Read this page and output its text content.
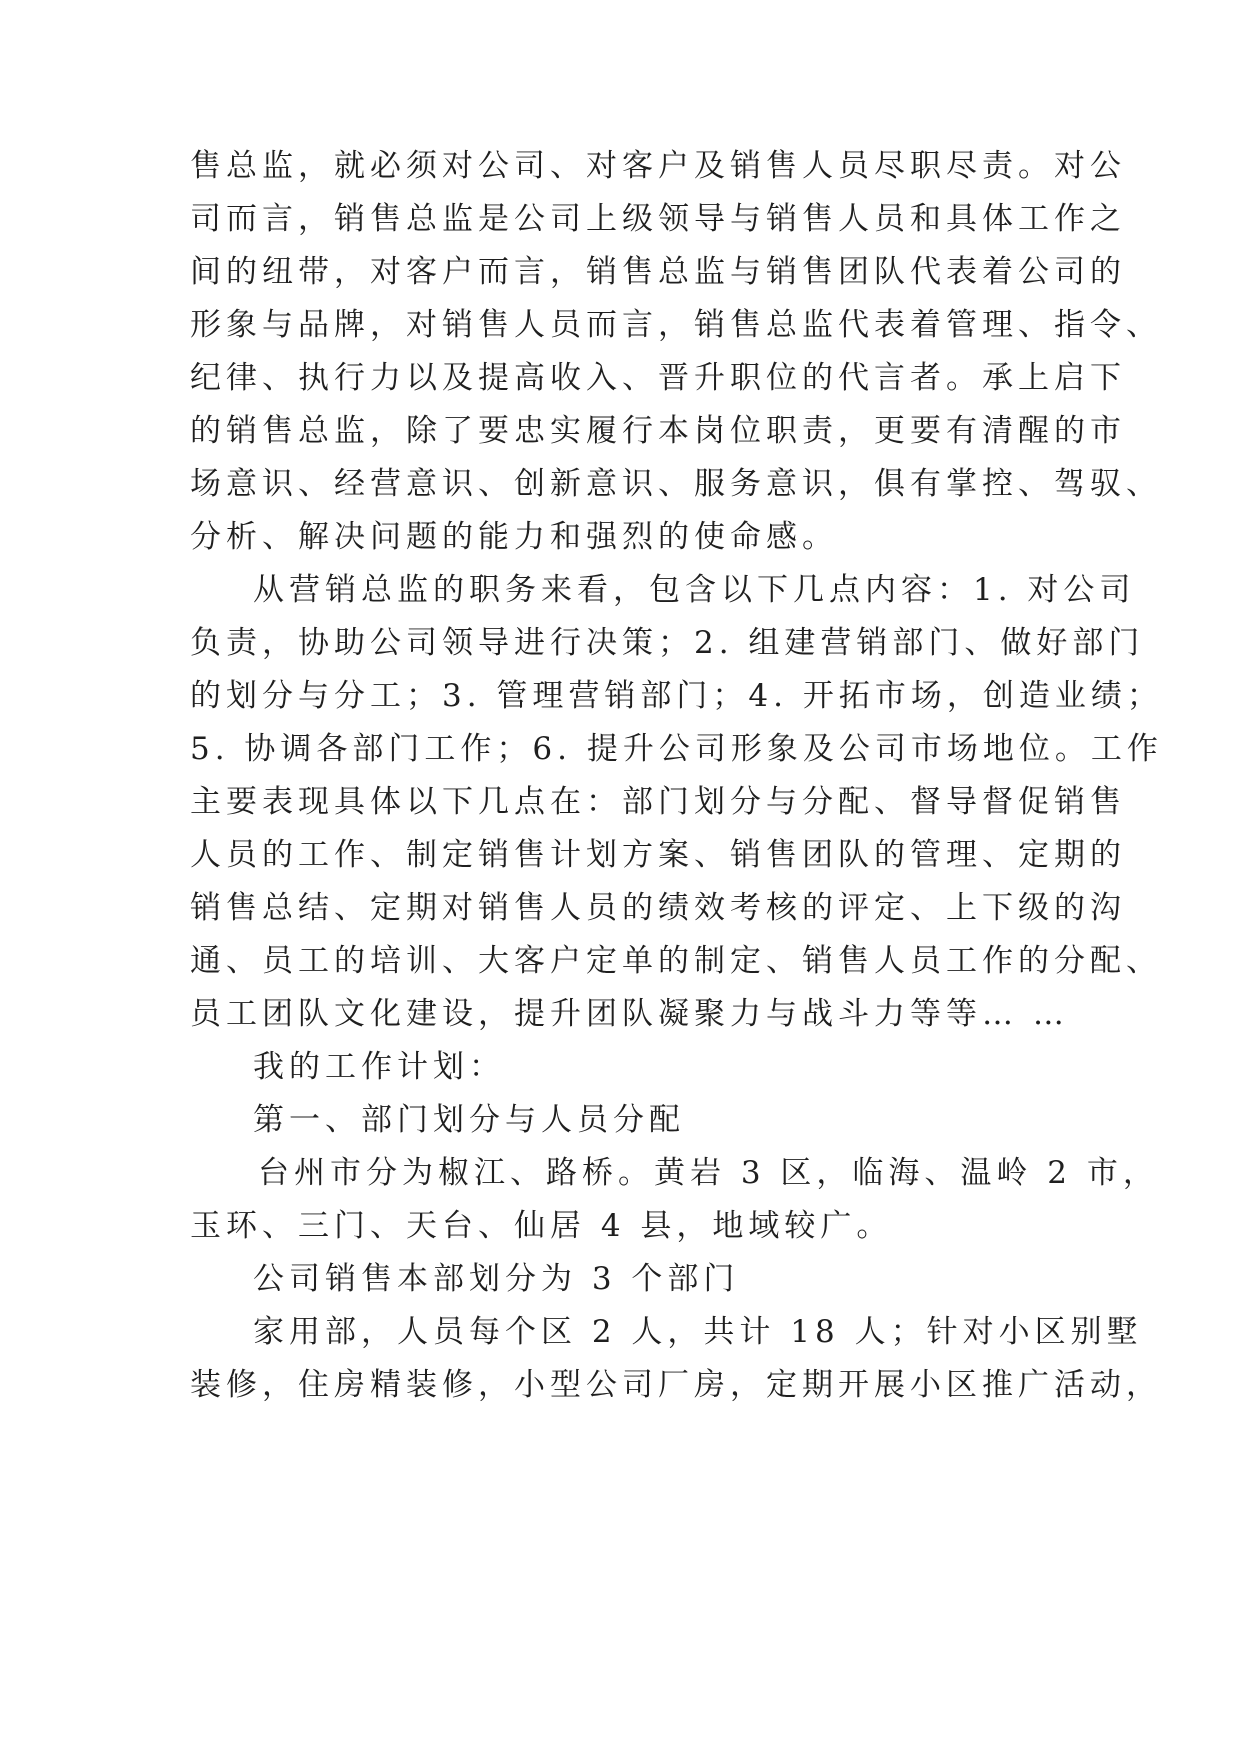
售总监，就必须对公司、对客户及销售人员尽职尽责。对公
司而言，销售总监是公司上级领导与销售人员和具体工作之
间的纽带，对客户而言，销售总监与销售团队代表着公司的
形象与品牌，对销售人员而言，销售总监代表着管理、指令、
纪律、执行力以及提高收入、晋升职位的代言者。承上启下
的销售总监，除了要忠实履行本岗位职责，更要有清醒的市
场意识、经营意识、创新意识、服务意识，俱有掌控、驾驭、
分析、解决问题的能力和强烈的使命感。
从营销总监的职务来看，包含以下几点内容：1. 对公司
负责，协助公司领导进行决策；2. 组建营销部门、做好部门
的划分与分工；3. 管理营销部门；4. 开拓市场，创造业绩；
5. 协调各部门工作；6. 提升公司形象及公司市场地位。工作
主要表现具体以下几点在：部门划分与分配、督导督促销售
人员的工作、制定销售计划方案、销售团队的管理、定期的
销售总结、定期对销售人员的绩效考核的评定、上下级的沟
通、员工的培训、大客户定单的制定、销售人员工作的分配、
员工团队文化建设，提升团队凝聚力与战斗力等等… …
我的工作计划：
第一、部门划分与人员分配
台州市分为椒江、路桥。黄岩 3 区，临海、温岭 2 市，
玉环、三门、天台、仙居 4 县，地域较广。
公司销售本部划分为 3 个部门
家用部，人员每个区 2 人，共计 18 人；针对小区别墅
装修，住房精装修，小型公司厂房，定期开展小区推广活动，
